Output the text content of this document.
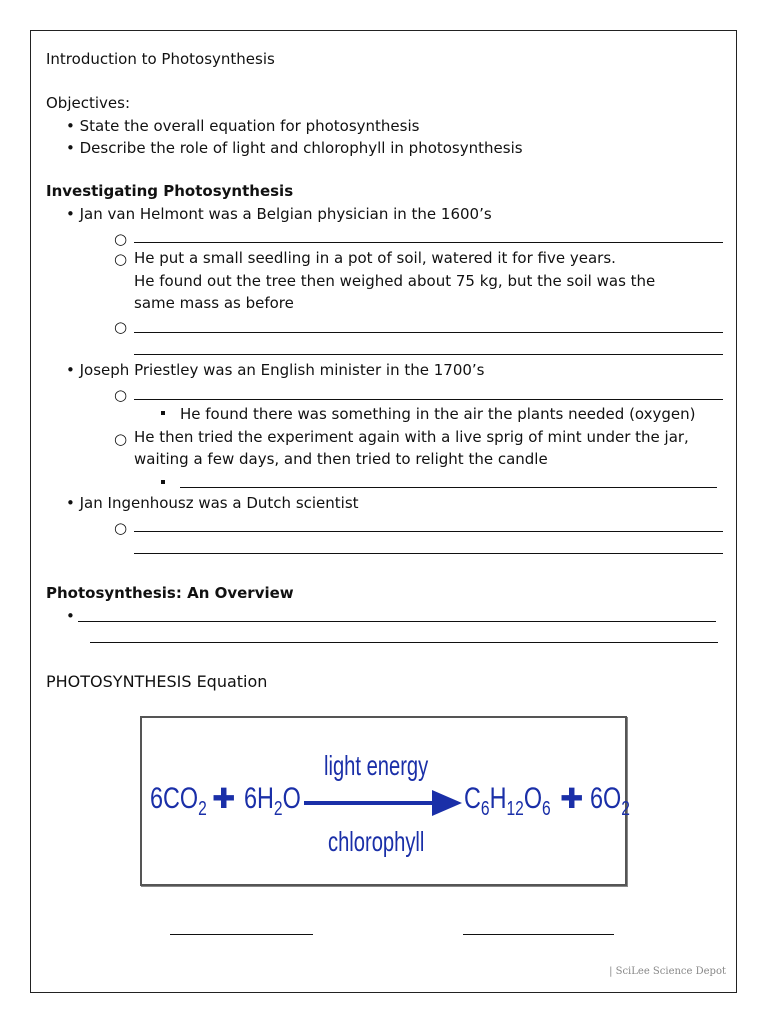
Introduction to Photosynthesis
Objectives:
• State the overall equation for photosynthesis
• Describe the role of light and chlorophyll in photosynthesis
Investigating Photosynthesis
• Jan van Helmont was a Belgian physician in the 1600’s
○
○ He put a small seedling in a pot of soil, watered it for five years.
He found out the tree then weighed about 75 kg, but the soil was the
same mass as before
○
• Joseph Priestley was an English minister in the 1700’s
○
He found there was something in the air the plants needed (oxygen)
○ He then tried the experiment again with a live sprig of mint under the jar,
waiting a few days, and then tried to relight the candle
• Jan Ingenhousz was a Dutch scientist
○
Photosynthesis: An Overview
•
PHOTOSYNTHESIS Equation
$6CO_2$ ✚ $6H_2O$
light energy
chlorophyll
$C_6H_{12}O_6$ ✚ $6O_2$
| SciLee Science Depot
